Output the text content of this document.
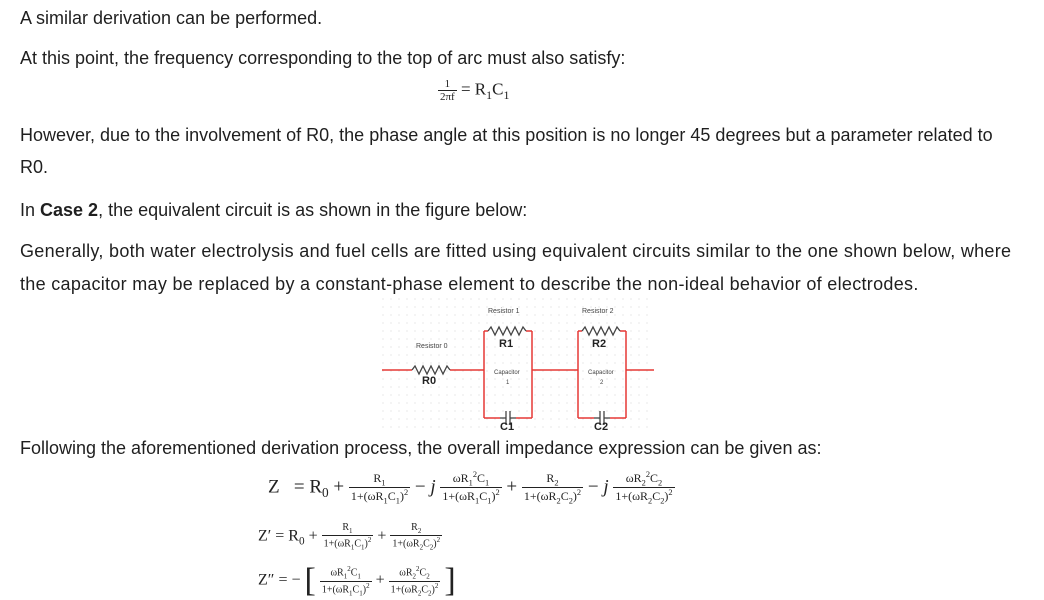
A similar derivation can be performed.

At this point, the frequency corresponding to the top of arc must also satisfy:

$\frac{1}{2\pi f} = R_1C_1$

However, due to the involvement of R0, the phase angle at this position is no longer 45 degrees but a parameter related to R0.

In Case 2, the equivalent circuit is as shown in the figure below:

Generally, both water electrolysis and fuel cells are fitted using equivalent circuits similar to the one shown below, where the capacitor may be replaced by a constant-phase element to describe the non-ideal behavior of electrodes.

Resistor 0
R0
Resistor 1
R1
Capacitor
1
C1
Resistor 2
R2
Capacitor
2
C2

Following the aforementioned derivation process, the overall impedance expression can be given as:

$Z = R_0 + \frac{R_1}{1+(\omega R_1C_1)^2} - j \frac{\omega R_1^2C_1}{1+(\omega R_1C_1)^2} + \frac{R_2}{1+(\omega R_2C_2)^2} - j \frac{\omega R_2^2C_2}{1+(\omega R_2C_2)^2}$
$Z' = R_0 + \frac{R_1}{1+(\omega R_1C_1)^2} + \frac{R_2}{1+(\omega R_2C_2)^2}$
Z″ = − [ $\frac{\omega R_1^2C_1}{1+(\omega R_1C_1)^2} + \frac{\omega R_2^2C_2}{1+(\omega R_2C_2)^2}$ ]
